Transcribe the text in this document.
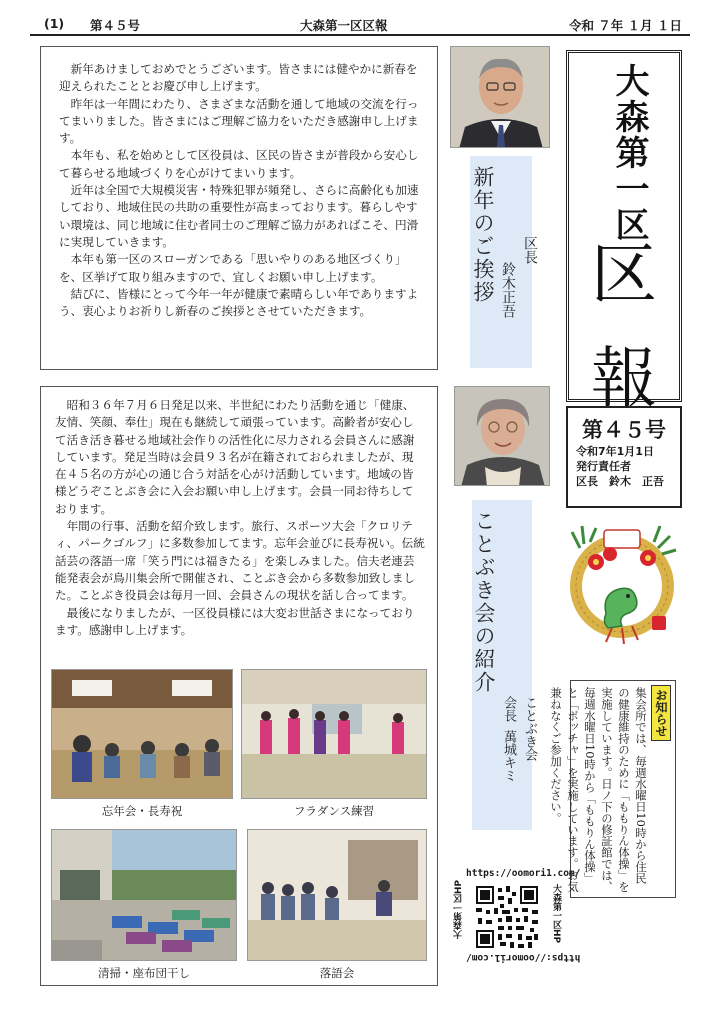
(1) 第４５号	大森第一区区報	令和 ７年 １月 １日

新年あけましておめでとうございます。皆さまには健やかに新春を迎えられたこととお慶び申し上げます。

昨年は一年間にわたり、さまざまな活動を通して地域の交流を行ってまいりました。皆さまにはご理解ご協力をいただき感謝申し上げます。

本年も、私を始めとして区役員は、区民の皆さまが普段から安心して暮らせる地域づくりを心がけてまいります。

近年は全国で大規模災害・特殊犯罪が頻発し、さらに高齢化も加速しており、地域住民の共助の重要性が高まっております。暮らしやすい環境は、同じ地域に住む者同士のご理解ご協力があればこそ、円滑に実現していきます。

本年も第一区のスローガンである「思いやりのある地区づくり」を、区挙げて取り組みますので、宜しくお願い申し上げます。

結びに、皆様にとって今年一年が健康で素晴らしい年でありますよう、衷心よりお祈りし新春のご挨拶とさせていただきます。

新年のご挨拶 区長
鈴木正吾
大森第一区
区
報
第４５号
令和7年1月1日
発行責任者
区長　鈴木　正吾

昭和３６年７月６日発足以来、半世紀にわたり活動を通じ「健康、友情、笑顔、奉仕」現在も継続して頑張っています。高齢者が安心して活き活き暮せる地域社会作りの活性化に尽力される会員さんに感謝しています。発足当時は会員９３名が在籍されておられましたが、現在４５名の方が心の通じ合う対話を心がけ活動しています。地域の皆様どうぞことぶき会に入会お願い申し上げます。会員一同お待ちしております。

年間の行事、活動を紹介致します。旅行、スポーツ大会「クロリティ、パークゴルフ」に多数参加してます。忘年会並びに長寿祝い。伝統話芸の落語一席「笑う門には福きたる」を楽しみました。信夫老連芸能発表会が鳥川集会所で開催され、ことぶき会から多数参加致しました。ことぶき役員会は毎月一回、会員さんの現状を話し合ってます。

最後になりましたが、一区役員様には大変お世話さまになっております。感謝申し上げます。

忘年会・長寿祝	フラダンス練習
清掃・座布団干し	落語会
ことぶき会の紹介
ことぶき会
会長
萬城キミ
お知らせ
集会所では、毎週水曜日10時から住民の健康維持のために「ももりん体操」を実施しています。日ノ下の修証館では、毎週水曜日10時から「ももりん体操」と「ボッチャ」を実施しています。お気兼ねなくご参加ください。
https://oomori1.com/
https://oomori1.com/
大森第一区HP	大森第一区HP
